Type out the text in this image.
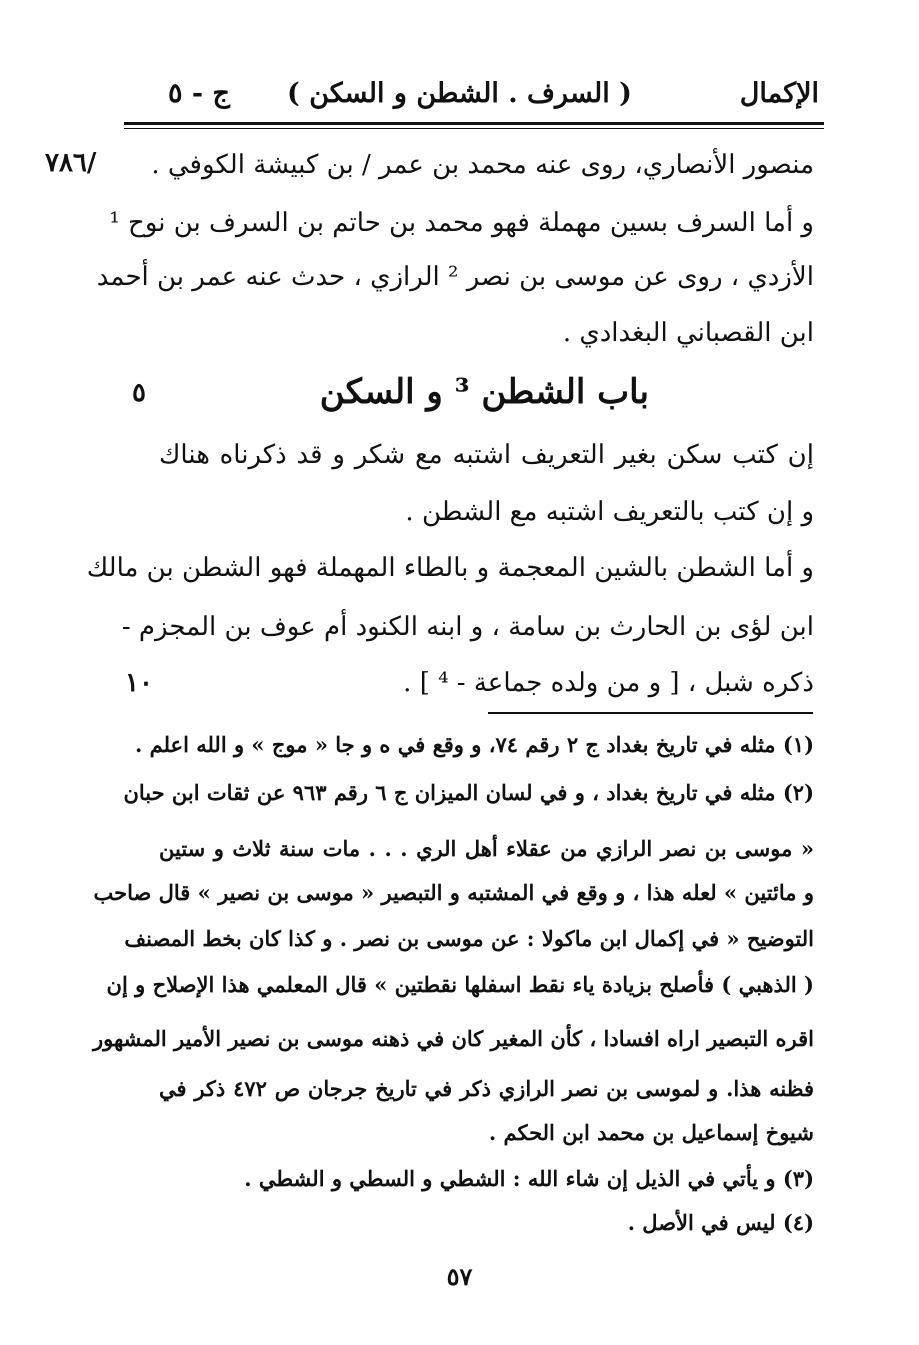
الإكمال
( السرف . الشطن و السكن )
ج - ٥
٧٨٦/
٥
١٠
منصور الأنصاري، روى عنه محمد بن عمر / بن كبيشة الكوفي .
و أما السرف بسين مهملة فهو محمد بن حاتم بن السرف بن نوح ¹
الأزدي ، روى عن موسى بن نصر ² الرازي ، حدث عنه عمر بن أحمد
ابن القصباني البغدادي .
باب الشطن ³ و السكن
إن كتب سكن بغير التعريف اشتبه مع شكر و قد ذكرناه هناك
و إن كتب بالتعريف اشتبه مع الشطن .
و أما الشطن بالشين المعجمة و بالطاء المهملة فهو الشطن بن مالك
ابن لؤى بن الحارث بن سامة ، و ابنه الكنود أم عوف بن المجزم -
ذكره شبل ، [ و من ولده جماعة - ⁴ ] .
(١) مثله في تاريخ بغداد ج ٢ رقم ٧٤، و وقع في ه و جا « موج » و الله اعلم .
(٢) مثله في تاريخ بغداد ، و في لسان الميزان ج ٦ رقم ٩٦٣ عن ثقات ابن حبان
« موسى بن نصر الرازي من عقلاء أهل الري . . . مات سنة ثلاث و ستين
و مائتين » لعله هذا ، و وقع في المشتبه و التبصير « موسى بن نصير » قال صاحب
التوضيح « في إكمال ابن ماكولا : عن موسى بن نصر . و كذا كان بخط المصنف
( الذهبي ) فأصلح بزيادة ياء نقط اسفلها نقطتين » قال المعلمي هذا الإصلاح و إن
اقره التبصير اراه افسادا ، كأن المغير كان في ذهنه موسى بن نصير الأمير المشهور
فظنه هذا. و لموسى بن نصر الرازي ذكر في تاريخ جرجان ص ٤٧٢ ذكر في
شيوخ إسماعيل بن محمد ابن الحكم .
(٣) و يأتي في الذيل إن شاء الله : الشطي و السطي و الشطي .
(٤) ليس في الأصل .
٥٧
